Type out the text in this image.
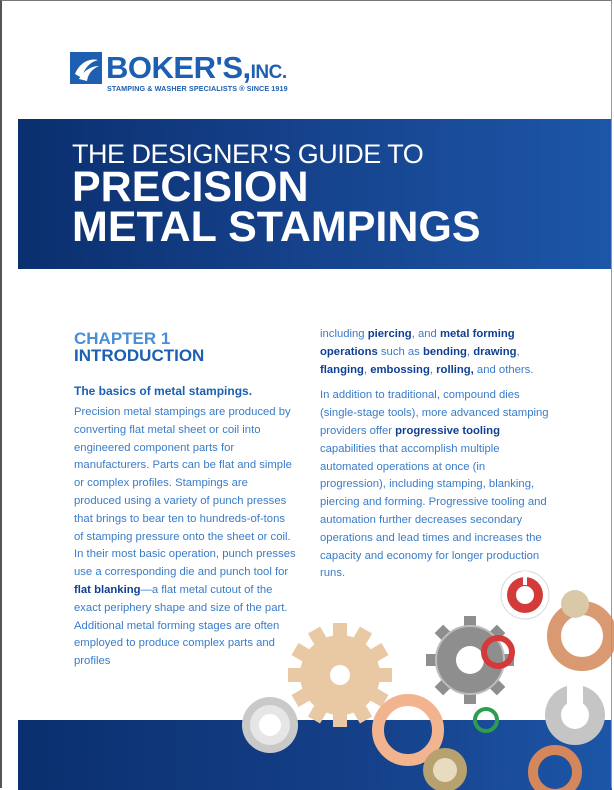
BOKER'S,INC.
STAMPING & WASHER SPECIALISTS ® SINCE 1919
THE DESIGNER'S GUIDE TO
PRECISION
METAL STAMPINGS
CHAPTER 1
INTRODUCTION
The basics of metal stampings.

Precision metal stampings are produced by converting flat metal sheet or coil into engineered component parts for manufacturers. Parts can be flat and simple or complex profiles. Stampings are produced using a variety of punch presses that brings to bear ten to hundreds-of-tons of stamping pressure onto the sheet or coil. In their most basic operation, punch presses use a corresponding die and punch tool for
flat blanking—a flat metal cutout of the exact periphery shape and size of the part. Additional metal forming stages are often employed to produce complex parts and profiles

including piercing, and metal forming operations such as bending, drawing, flanging, embossing, rolling, and others.

In addition to traditional, compound dies (single-stage tools), more advanced stamping providers offer progressive tooling capabilities that accomplish multiple automated operations at once (in progression), including stamping, blanking, piercing and forming. Progressive tooling and automation further decreases secondary operations and lead times and increases the capacity and economy for longer production runs.
